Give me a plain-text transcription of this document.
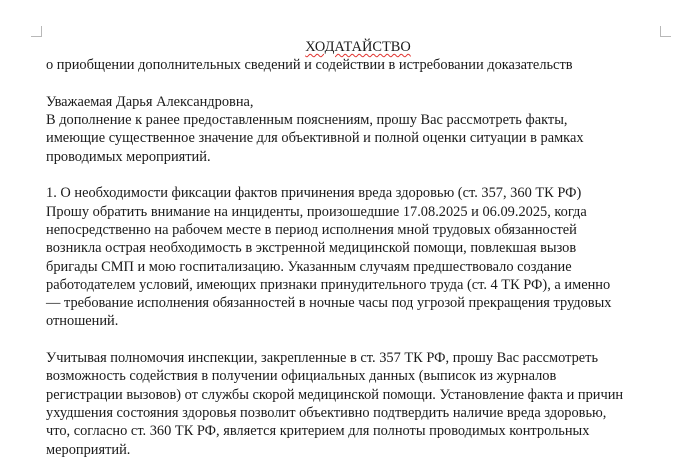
ХОДАТАЙСТВО
о приобщении дополнительных сведений и содействии в истребовании доказательств
Уважаемая Дарья Александровна,
В дополнение к ранее предоставленным пояснениям, прошу Вас рассмотреть факты,
имеющие существенное значение для объективной и полной оценки ситуации в рамках
проводимых мероприятий.
1. О необходимости фиксации фактов причинения вреда здоровью (ст. 357, 360 ТК РФ)
Прошу обратить внимание на инциденты, произошедшие 17.08.2025 и 06.09.2025, когда
непосредственно на рабочем месте в период исполнения мной трудовых обязанностей
возникла острая необходимость в экстренной медицинской помощи, повлекшая вызов
бригады СМП и мою госпитализацию. Указанным случаям предшествовало создание
работодателем условий, имеющих признаки принудительного труда (ст. 4 ТК РФ), а именно
— требование исполнения обязанностей в ночные часы под угрозой прекращения трудовых
отношений.
Учитывая полномочия инспекции, закрепленные в ст. 357 ТК РФ, прошу Вас рассмотреть
возможность содействия в получении официальных данных (выписок из журналов
регистрации вызовов) от службы скорой медицинской помощи. Установление факта и причин
ухудшения состояния здоровья позволит объективно подтвердить наличие вреда здоровью,
что, согласно ст. 360 ТК РФ, является критерием для полноты проводимых контрольных
мероприятий.
